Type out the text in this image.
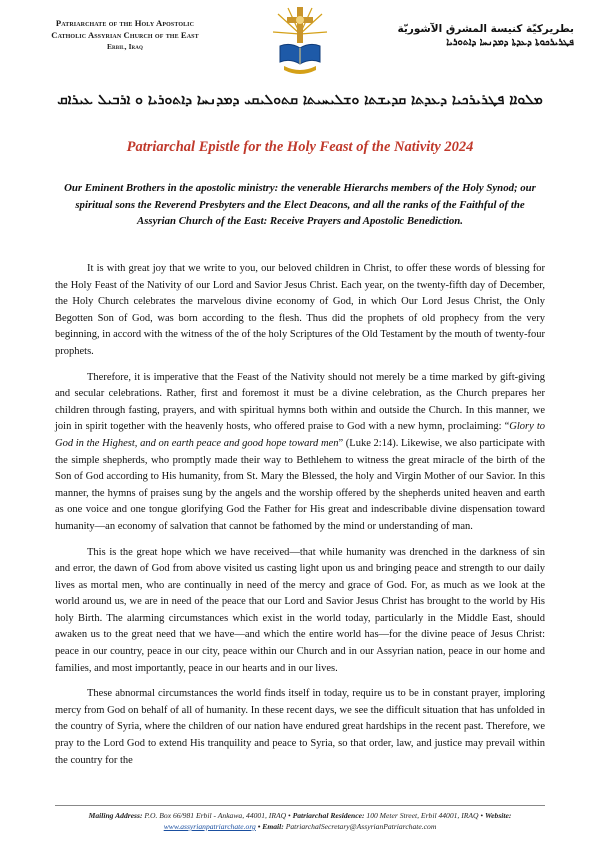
Patriarchate of the Holy Apostolic
Catholic Assyrian Church of the East
Erbil, Iraq
بطريركيّة كنيسة المشرق الآشوريّة
ܦܛܪܝܪܟܘܬܐ ܕܥܕܬܐ ܕܡܕܢܚܐ ܕܐܬܘܪܝܐ
ܡܠܘܐܐ ܦܛܪܝܪܟܝܐ ܕܥܕܬܐ ܩܕܝܫܬܐ ܘܫܠܝܚܝܬܐ ܩܬܘܠܝܩܝ ܕܡܕܢܚܐ ܕܐܬܘܪܝܐ ܘ ܐܪܒܝܠ ܥܝܪܐܩ
Patriarchal Epistle for the Holy Feast of the Nativity 2024
Our Eminent Brothers in the apostolic ministry: the venerable Hierarchs members of the Holy Synod; our spiritual sons the Reverend Presbyters and the Elect Deacons, and all the ranks of the Faithful of the Assyrian Church of the East: Receive Prayers and Apostolic Benediction.

It is with great joy that we write to you, our beloved children in Christ, to offer these words of blessing for the Holy Feast of the Nativity of our Lord and Savior Jesus Christ. Each year, on the twenty-fifth day of December, the Holy Church celebrates the marvelous divine economy of God, in which Our Lord Jesus Christ, the Only Begotten Son of God, was born according to the flesh. Thus did the prophets of old prophecy from the very beginning, in accord with the witness of the of the holy Scriptures of the Old Testament by the mouth of twenty-four prophets.

Therefore, it is imperative that the Feast of the Nativity should not merely be a time marked by gift-giving and secular celebrations. Rather, first and foremost it must be a divine celebration, as the Church prepares her children through fasting, prayers, and with spiritual hymns both within and outside the Church. In this manner, we join in spirit together with the heavenly hosts, who offered praise to God with a new hymn, proclaiming: “Glory to God in the Highest, and on earth peace and good hope toward men” (Luke 2:14). Likewise, we also participate with the simple shepherds, who promptly made their way to Bethlehem to witness the great miracle of the birth of the Son of God according to His humanity, from St. Mary the Blessed, the holy and Virgin Mother of our Savior. In this manner, the hymns of praises sung by the angels and the worship offered by the shepherds united heaven and earth as one voice and one tongue glorifying God the Father for His great and indescribable divine dispensation toward humanity—an economy of salvation that cannot be fathomed by the mind or understanding of man.

This is the great hope which we have received—that while humanity was drenched in the darkness of sin and error, the dawn of God from above visited us casting light upon us and bringing peace and strength to our daily lives as mortal men, who are continually in need of the mercy and grace of God. For, as much as we look at the world around us, we are in need of the peace that our Lord and Savior Jesus Christ has brought to the world by His holy Birth. The alarming circumstances which exist in the world today, particularly in the Middle East, should awaken us to the great need that we have—and which the entire world has—for the divine peace of Jesus Christ: peace in our country, peace in our city, peace within our Church and in our Assyrian nation, peace in our home and families, and most importantly, peace in our hearts and in our lives.

These abnormal circumstances the world finds itself in today, require us to be in constant prayer, imploring mercy from God on behalf of all of humanity. In these recent days, we see the difficult situation that has unfolded in the country of Syria, where the children of our nation have endured great hardships in the recent past. Therefore, we pray to the Lord God to extend His tranquility and peace to Syria, so that order, law, and justice may prevail within the country for the

Mailing Address: P.O. Box 66/981 Erbil - Ankawa, 44001, IRAQ • Patriarchal Residence: 100 Meter Street, Erbil 44001, IRAQ • Website:
www.assyrianpatriarchate.org • Email: PatriarchalSecretary@AssyrianPatriarchate.com
